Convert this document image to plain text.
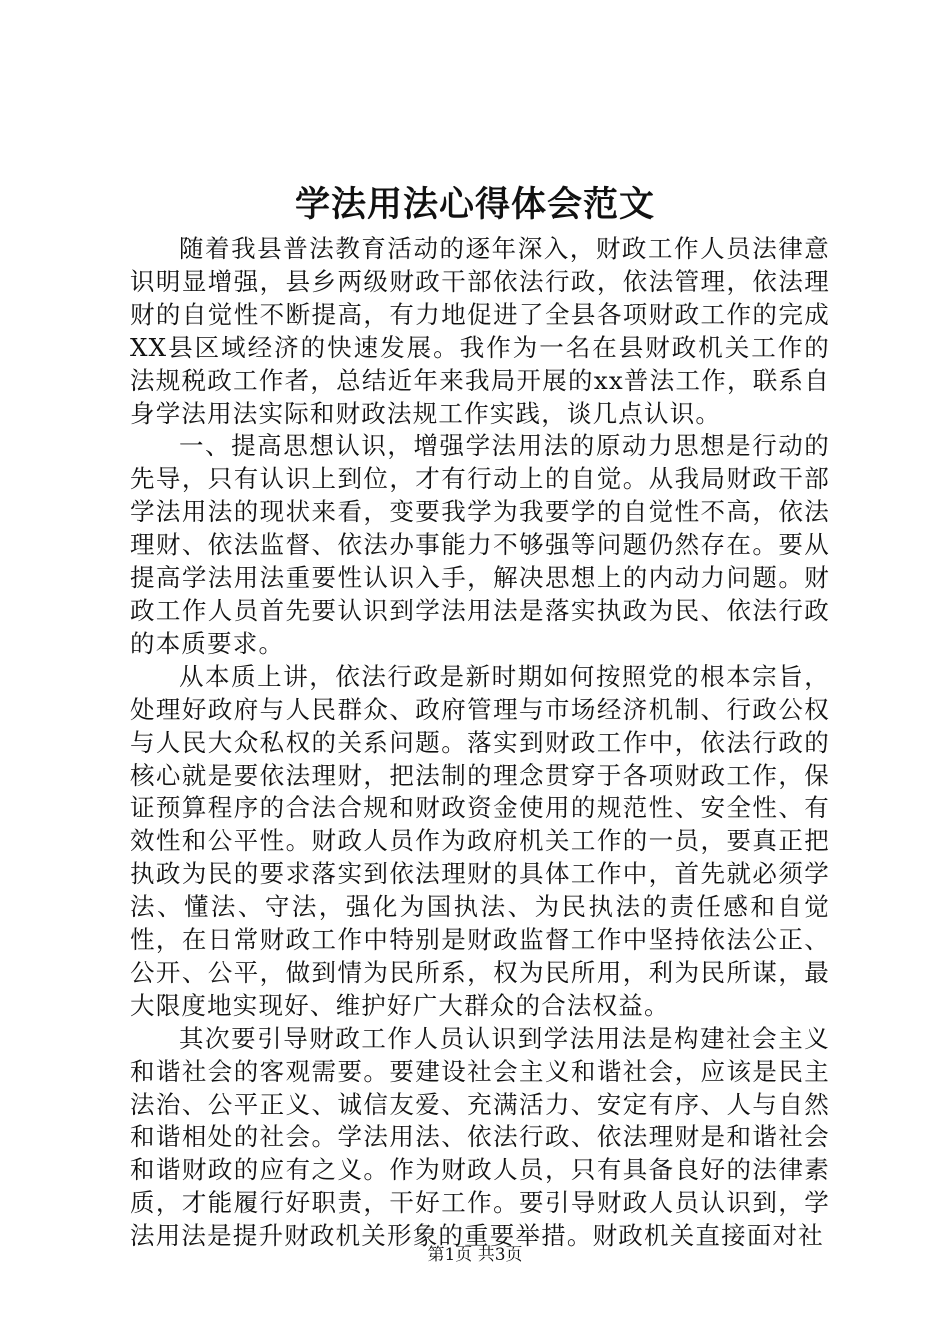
学法用法心得体会范文

随着我县普法教育活动的逐年深入，财政工作人员法律意识明显增强，县乡两级财政干部依法行政，依法管理，依法理财的自觉性不断提高，有力地促进了全县各项财政工作的完成XX县区域经济的快速发展。我作为一名在县财政机关工作的法规税政工作者，总结近年来我局开展的xx普法工作，联系自身学法用法实际和财政法规工作实践，谈几点认识。

一、提高思想认识，增强学法用法的原动力思想是行动的先导，只有认识上到位，才有行动上的自觉。从我局财政干部学法用法的现状来看，变要我学为我要学的自觉性不高，依法理财、依法监督、依法办事能力不够强等问题仍然存在。要从提高学法用法重要性认识入手，解决思想上的内动力问题。财政工作人员首先要认识到学法用法是落实执政为民、依法行政的本质要求。

从本质上讲，依法行政是新时期如何按照党的根本宗旨，处理好政府与人民群众、政府管理与市场经济机制、行政公权与人民大众私权的关系问题。落实到财政工作中，依法行政的核心就是要依法理财，把法制的理念贯穿于各项财政工作，保证预算程序的合法合规和财政资金使用的规范性、安全性、有效性和公平性。财政人员作为政府机关工作的一员，要真正把执政为民的要求落实到依法理财的具体工作中，首先就必须学法、懂法、守法，强化为国执法、为民执法的责任感和自觉性，在日常财政工作中特别是财政监督工作中坚持依法公正、公开、公平，做到情为民所系，权为民所用，利为民所谋，最大限度地实现好、维护好广大群众的合法权益。

其次要引导财政工作人员认识到学法用法是构建社会主义和谐社会的客观需要。要建设社会主义和谐社会，应该是民主法治、公平正义、诚信友爱、充满活力、安定有序、人与自然和谐相处的社会。学法用法、依法行政、依法理财是和谐社会和谐财政的应有之义。作为财政人员，只有具备良好的法律素质，才能履行好职责，干好工作。要引导财政人员认识到，学法用法是提升财政机关形象的重要举措。财政机关直接面对社

第1页 共3页
